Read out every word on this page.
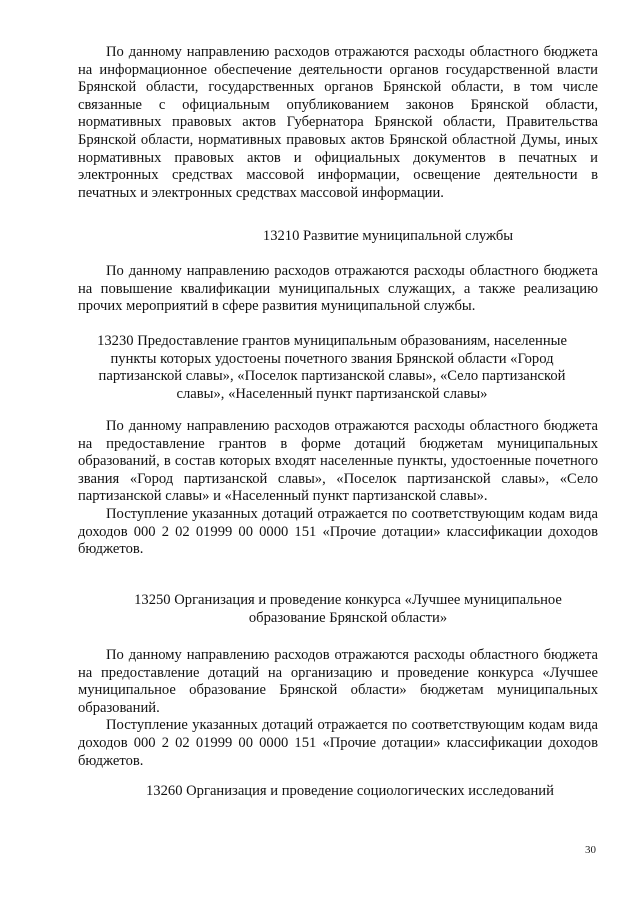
По данному направлению расходов отражаются расходы областного бюджета на информационное обеспечение деятельности органов государственной власти Брянской области, государственных органов Брянской области, в том числе связанные с официальным опубликованием законов Брянской области, нормативных правовых актов Губернатора Брянской области, Правительства Брянской области, нормативных правовых актов Брянской областной Думы, иных нормативных правовых актов и официальных документов в печатных и электронных средствах массовой информации, освещение деятельности в печатных и электронных средствах массовой информации.

13210 Развитие муниципальной службы

По данному направлению расходов отражаются расходы областного бюджета на повышение квалификации муниципальных служащих, а также реализацию прочих мероприятий в сфере развития муниципальной службы.

13230 Предоставление грантов муниципальным образованиям, населенные пункты которых удостоены почетного звания Брянской области «Город партизанской славы», «Поселок партизанской славы», «Село партизанской славы», «Населенный пункт партизанской славы»

По данному направлению расходов отражаются расходы областного бюджета на предоставление грантов в форме дотаций бюджетам муниципальных образований, в состав которых входят населенные пункты, удостоенные почетного звания «Город партизанской славы», «Поселок партизанской славы», «Село партизанской славы» и «Населенный пункт партизанской славы».

Поступление указанных дотаций отражается по соответствующим кодам вида доходов 000 2 02 01999 00 0000 151 «Прочие дотации» классификации доходов бюджетов.

13250 Организация и проведение конкурса «Лучшее муниципальное образование Брянской области»

По данному направлению расходов отражаются расходы областного бюджета на предоставление дотаций на организацию и проведение конкурса «Лучшее муниципальное образование Брянской области» бюджетам муниципальных образований.

Поступление указанных дотаций отражается по соответствующим кодам вида доходов 000 2 02 01999 00 0000 151 «Прочие дотации» классификации доходов бюджетов.

13260 Организация и проведение социологических исследований

30
